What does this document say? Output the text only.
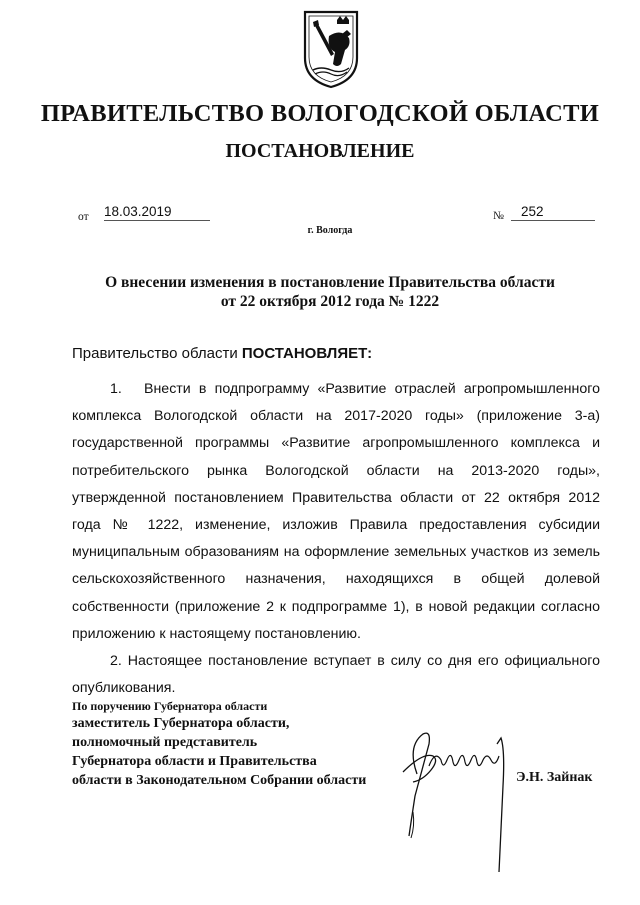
ПРАВИТЕЛЬСТВО ВОЛОГОДСКОЙ ОБЛАСТИ
ПОСТАНОВЛЕНИЕ
от 18.03.2019	№	252
г. Вологда
О внесении изменения в постановление Правительства области
от 22 октября 2012 года № 1222
Правительство области ПОСТАНОВЛЯЕТ:

1. Внести в подпрограмму «Развитие отраслей агропромышленного комплекса Вологодской области на 2017-2020 годы» (приложение 3-а) государственной программы «Развитие агропромышленного комплекса и потребительского рынка Вологодской области на 2013-2020 годы», утвержденной постановлением Правительства области от 22 октября 2012 года № 1222, изменение, изложив Правила предоставления субсидии муниципальным образованиям на оформление земельных участков из земель сельскохозяйственного назначения, находящихся в общей долевой собственности (приложение 2 к подпрограмме 1), в новой редакции согласно приложению к настоящему постановлению.

2. Настоящее постановление вступает в силу со дня его официального опубликования.

По поручению Губернатора области
заместитель Губернатора области,
полномочный представитель
Губернатора области и Правительства
области в Законодательном Собрании области	Э.Н. Зайнак
